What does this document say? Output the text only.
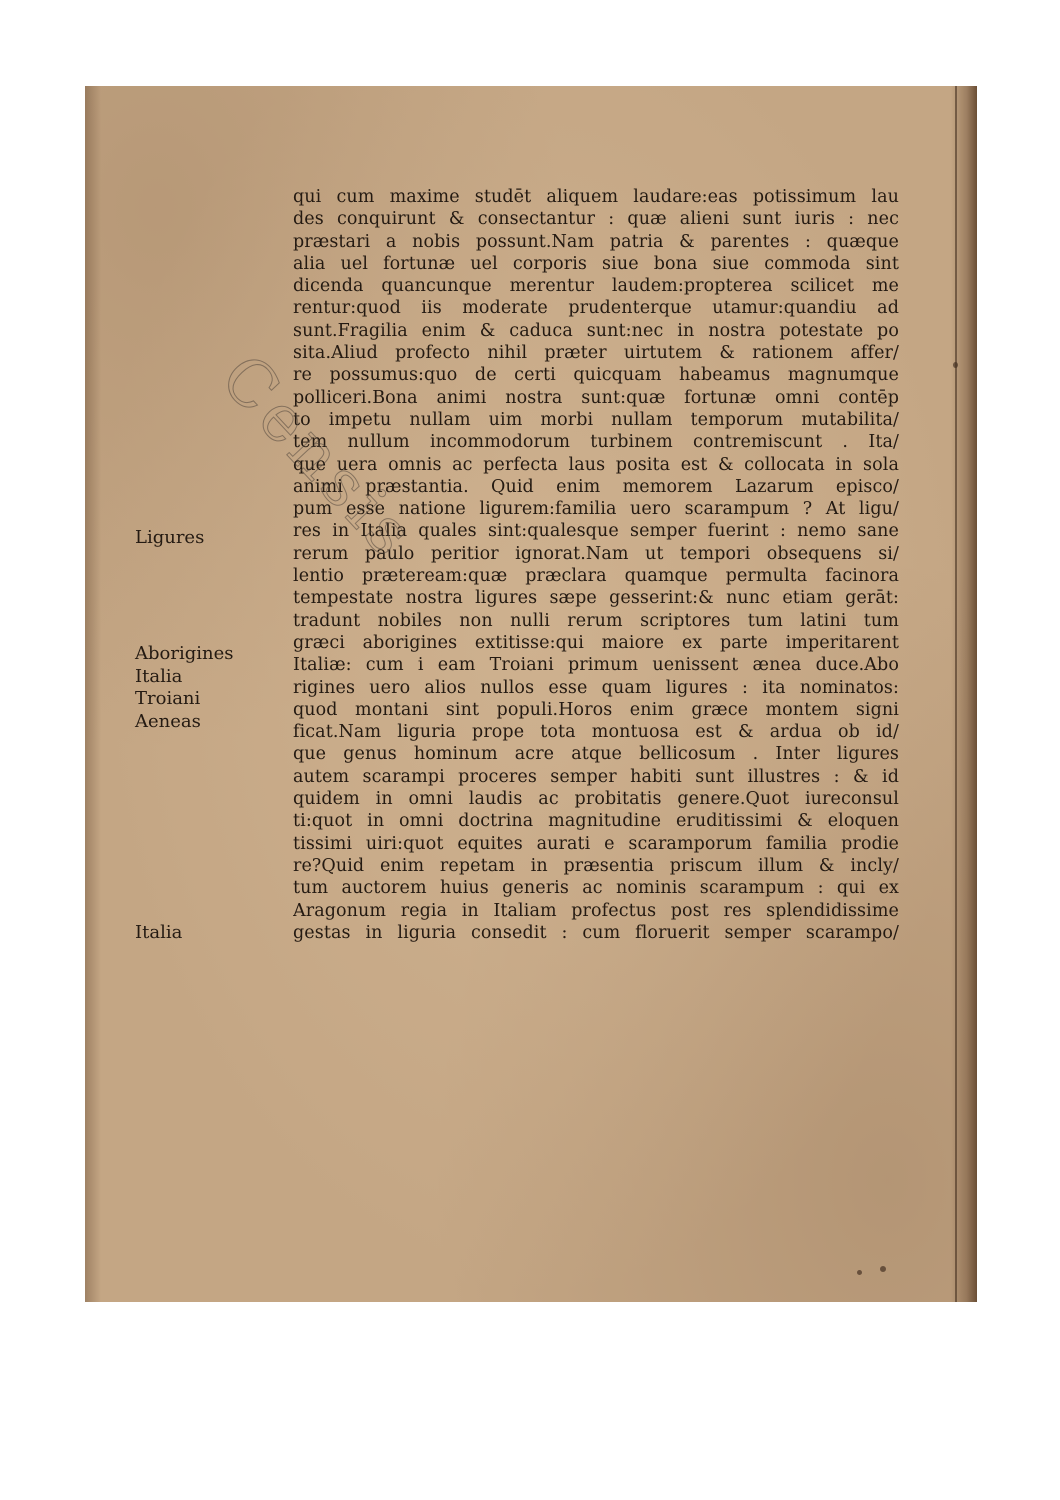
qui cum maxime studēt aliquem laudare:eas potissimum lau
des conquirunt & consectantur : quæ alieni sunt iuris : nec
præstari a nobis possunt.Nam patria & parentes : quæque
alia uel fortunæ uel corporis siue bona siue commoda sint
dicenda quancunque merentur laudem:propterea scilicet me
rentur:quod iis moderate prudenterque utamur:quandiu ad
sunt.Fragilia enim & caduca sunt:nec in nostra potestate po
sita.Aliud profecto nihil præter uirtutem & rationem affer/
re possumus:quo de certi quicquam habeamus magnumque
polliceri.Bona animi nostra sunt:quæ fortunæ omni contēp
to impetu nullam uim morbi nullam temporum mutabilita/
tem nullum incommodorum turbinem contremiscunt . Ita/
que uera omnis ac perfecta laus posita est & collocata in sola
animi præstantia. Quid enim memorem Lazarum episco/
pum esse natione ligurem:familia uero scarampum ? At ligu/
res in Italia quales sint:qualesque semper fuerint : nemo sane
rerum paulo peritior ignorat.Nam ut tempori obsequens si/
lentio præteream:quæ præclara quamque permulta facinora
tempestate nostra ligures sæpe gesserint:& nunc etiam gerāt:
tradunt nobiles non nulli rerum scriptores tum latini tum
græci aborigines extitisse:qui maiore ex parte imperitarent
Italiæ: cum i eam Troiani primum uenissent ænea duce.Abo
rigines uero alios nullos esse quam ligures : ita nominatos:
quod montani sint populi.Horos enim græce montem signi
ficat.Nam liguria prope tota montuosa est & ardua ob id/
que genus hominum acre atque bellicosum . Inter ligures
autem scarampi proceres semper habiti sunt illustres : & id
quidem in omni laudis ac probitatis genere.Quot iureconsul
ti:quot in omni doctrina magnitudine eruditissimi & eloquen
tissimi uiri:quot equites aurati e scaramporum familia prodie
re?Quid enim repetam in præsentia priscum illum & incly/
tum auctorem huius generis ac nominis scarampum : qui ex
Aragonum regia in Italiam profectus post res splendidissime
gestas in liguria consedit : cum floruerit semper scarampo/

Ligures

Aborigines

Italia

Troiani

Aeneas

Italia

Censis
